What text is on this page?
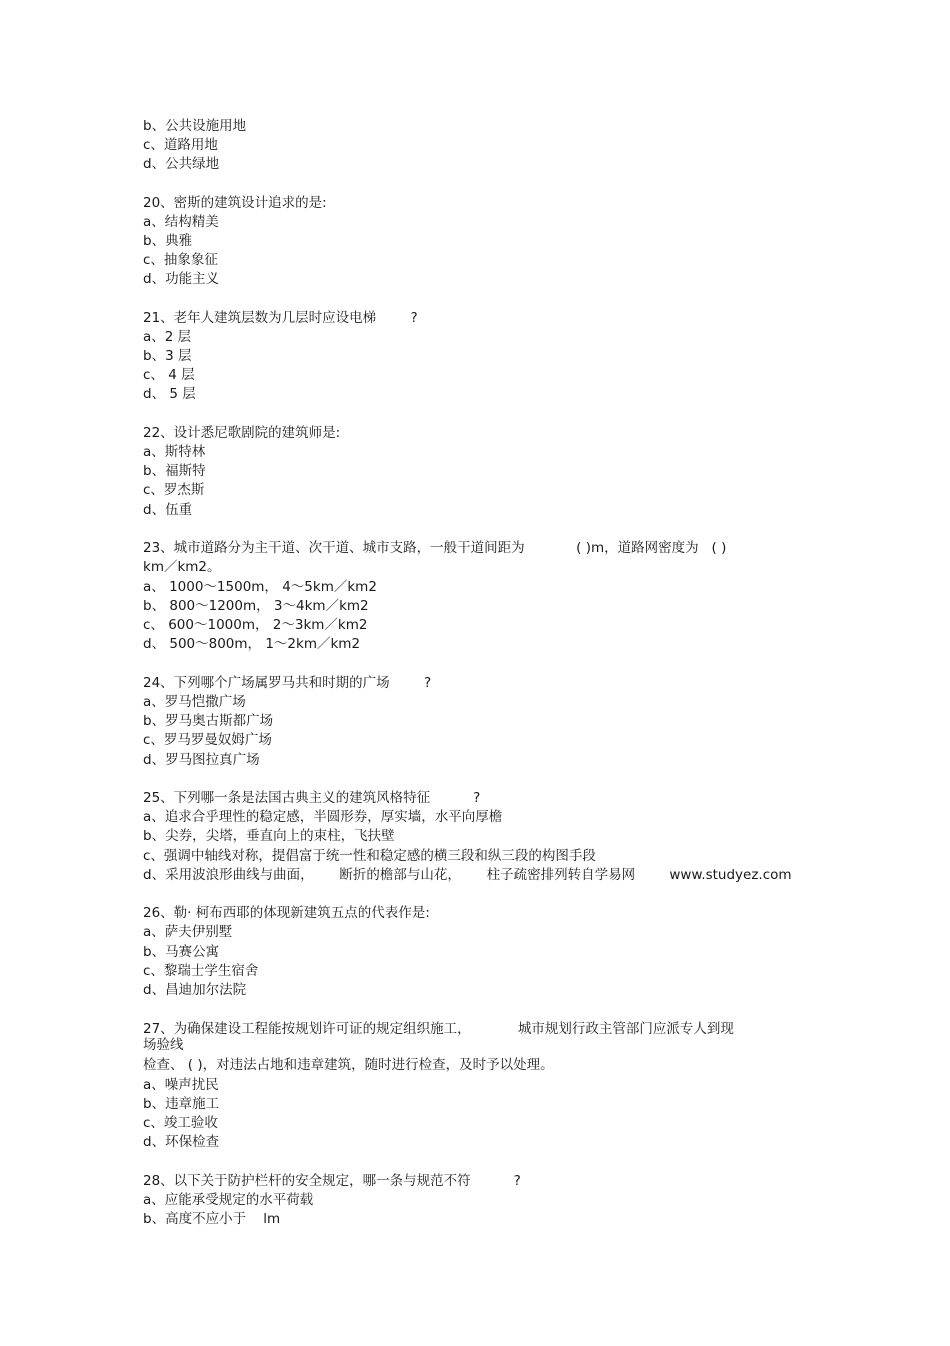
b、公共设施用地
c、道路用地
d、公共绿地
20、密斯的建筑设计追求的是:
a、结构精美
b、典雅
c、抽象象征
d、功能主义
21、老年人建筑层数为几层时应设电梯        ?
a、2 层
b、3 层
c、 4 层
d、 5 层
22、设计悉尼歌剧院的建筑师是:
a、斯特林
b、福斯特
c、罗杰斯
d、伍重
23、城市道路分为主干道、次干道、城市支路，一般干道间距为            ( )m，道路网密度为   ( )
km／km2。
a、 1000～1500m， 4～5km／km2
b、 800～1200m， 3～4km／km2
c、 600～1000m， 2～3km／km2
d、 500～800m， 1～2km／km2
24、下列哪个广场属罗马共和时期的广场        ?
a、罗马恺撒广场
b、罗马奥古斯都广场
c、罗马罗曼奴姆广场
d、罗马图拉真广场
25、下列哪一条是法国古典主义的建筑风格特征          ?
a、追求合乎理性的稳定感，半圆形券，厚实墙，水平向厚檐
b、尖券，尖塔，垂直向上的束柱，飞扶壁
c、强调中轴线对称，提倡富于统一性和稳定感的横三段和纵三段的构图手段
d、采用波浪形曲线与曲面，      断折的檐部与山花，      柱子疏密排列转自学易网        www.studyez.com
26、勒· 柯布西耶的体现新建筑五点的代表作是:
a、萨夫伊别墅
b、马赛公寓
c、黎瑞士学生宿舍
d、昌迪加尔法院
27、为确保建设工程能按规划许可证的规定组织施工，           城市规划行政主管部门应派专人到现
场验线
检查、 ( )，对违法占地和违章建筑，随时进行检查，及时予以处理。
a、噪声扰民
b、违章施工
c、竣工验收
d、环保检查
28、以下关于防护栏杆的安全规定，哪一条与规范不符          ?
a、应能承受规定的水平荷载
b、高度不应小于    lm
